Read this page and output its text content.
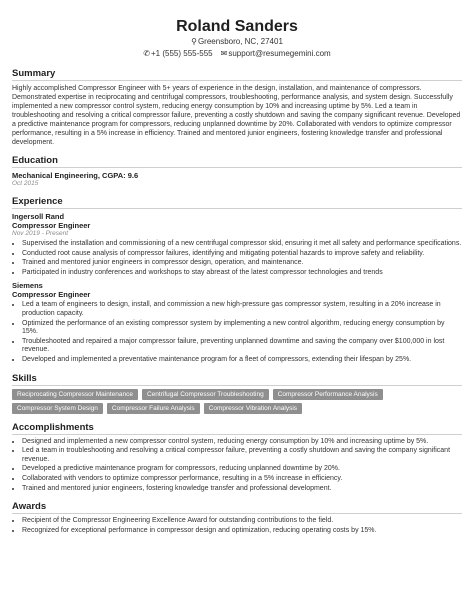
Roland Sanders
⚲Greensboro, NC, 27401
✆+1 (555) 555-555 ✉support@resumegemini.com
Summary

Highly accomplished Compressor Engineer with 5+ years of experience in the design, installation, and maintenance of compressors. Demonstrated expertise in reciprocating and centrifugal compressors, troubleshooting, performance analysis, and system design. Successfully implemented a new compressor control system, reducing energy consumption by 10% and increasing uptime by 5%. Led a team in troubleshooting and resolving a critical compressor failure, preventing a costly shutdown and saving the company significant revenue. Developed a predictive maintenance program for compressors, reducing unplanned downtime by 20%. Collaborated with vendors to optimize compressor performance, resulting in a 5% increase in efficiency. Trained and mentored junior engineers, fostering knowledge transfer and professional development.

Education
Mechanical Engineering, CGPA: 9.6
Oct 2015
Experience
Ingersoll Rand
Compressor Engineer
Nov 2019 - Present
• Supervised the installation and commissioning of a new centrifugal compressor skid, ensuring it met all safety and performance specifications.
• Conducted root cause analysis of compressor failures, identifying and mitigating potential hazards to improve safety and reliability.
• Trained and mentored junior engineers in compressor design, operation, and maintenance.
• Participated in industry conferences and workshops to stay abreast of the latest compressor technologies and trends
Siemens
Compressor Engineer
• Led a team of engineers to design, install, and commission a new high-pressure gas compressor system, resulting in a 20% increase in production capacity.
• Optimized the performance of an existing compressor system by implementing a new control algorithm, reducing energy consumption by 15%.
• Troubleshooted and repaired a major compressor failure, preventing unplanned downtime and saving the company over $100,000 in lost revenue.
• Developed and implemented a preventative maintenance program for a fleet of compressors, extending their lifespan by 25%.
Skills
Reciprocating Compressor Maintenance	Centrifugal Compressor Troubleshooting	Compressor Performance Analysis
Compressor System Design	Compressor Failure Analysis	Compressor Vibration Analysis
Accomplishments
• Designed and implemented a new compressor control system, reducing energy consumption by 10% and increasing uptime by 5%.
• Led a team in troubleshooting and resolving a critical compressor failure, preventing a costly shutdown and saving the company significant revenue.
• Developed a predictive maintenance program for compressors, reducing unplanned downtime by 20%.
• Collaborated with vendors to optimize compressor performance, resulting in a 5% increase in efficiency.
• Trained and mentored junior engineers, fostering knowledge transfer and professional development.
Awards
• Recipient of the Compressor Engineering Excellence Award for outstanding contributions to the field.
• Recognized for exceptional performance in compressor design and optimization, reducing operating costs by 15%.
